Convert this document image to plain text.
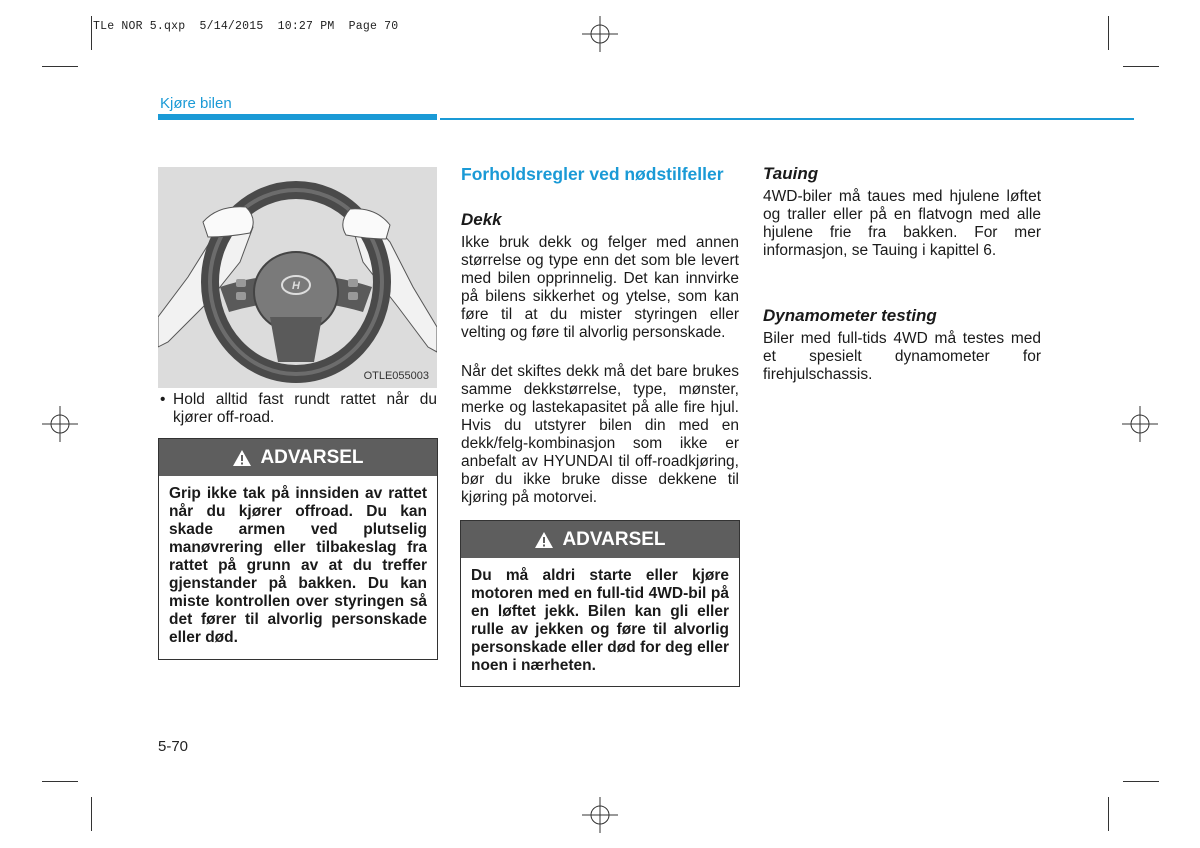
TLe NOR 5.qxp  5/14/2015  10:27 PM  Page 70
Kjøre bilen
H
OTLE055003
• Hold alltid fast rundt rattet når du kjører off-road.
ADVARSEL
Grip ikke tak på innsiden av rattet når du kjører offroad. Du kan skade armen ved plutselig manøvrering eller tilbakeslag fra rattet på grunn av at du treffer gjenstander på bakken. Du kan miste kontrollen over styringen så det fører til alvorlig personskade eller død.
Forholdsregler ved nødstilfeller
Dekk
Ikke bruk dekk og felger med annen størrelse og type enn det som ble levert med bilen opprinnelig. Det kan innvirke på bilens sikkerhet og ytelse, som kan føre til at du mister styringen eller velting og føre til alvorlig personskade.
Når det skiftes dekk må det bare brukes samme dekkstørrelse, type, mønster, merke og lastekapasitet på alle fire hjul. Hvis du utstyrer bilen din med en dekk/felg-kombinasjon som ikke er anbefalt av HYUNDAI til off-roadkjøring, bør du ikke bruke disse dekkene til kjøring på motorvei.
ADVARSEL
Du må aldri starte eller kjøre motoren med en full-tid 4WD-bil på en løftet jekk. Bilen kan gli eller rulle av jekken og føre til alvorlig personskade eller død for deg eller noen i nærheten.
Tauing
4WD-biler må taues med hjulene løftet og traller eller på en flatvogn med alle hjulene frie fra bakken. For mer informasjon, se Tauing i kapittel 6.
Dynamometer testing
Biler med full-tids 4WD må testes med et spesielt dynamometer for firehjulschassis.
5-70
